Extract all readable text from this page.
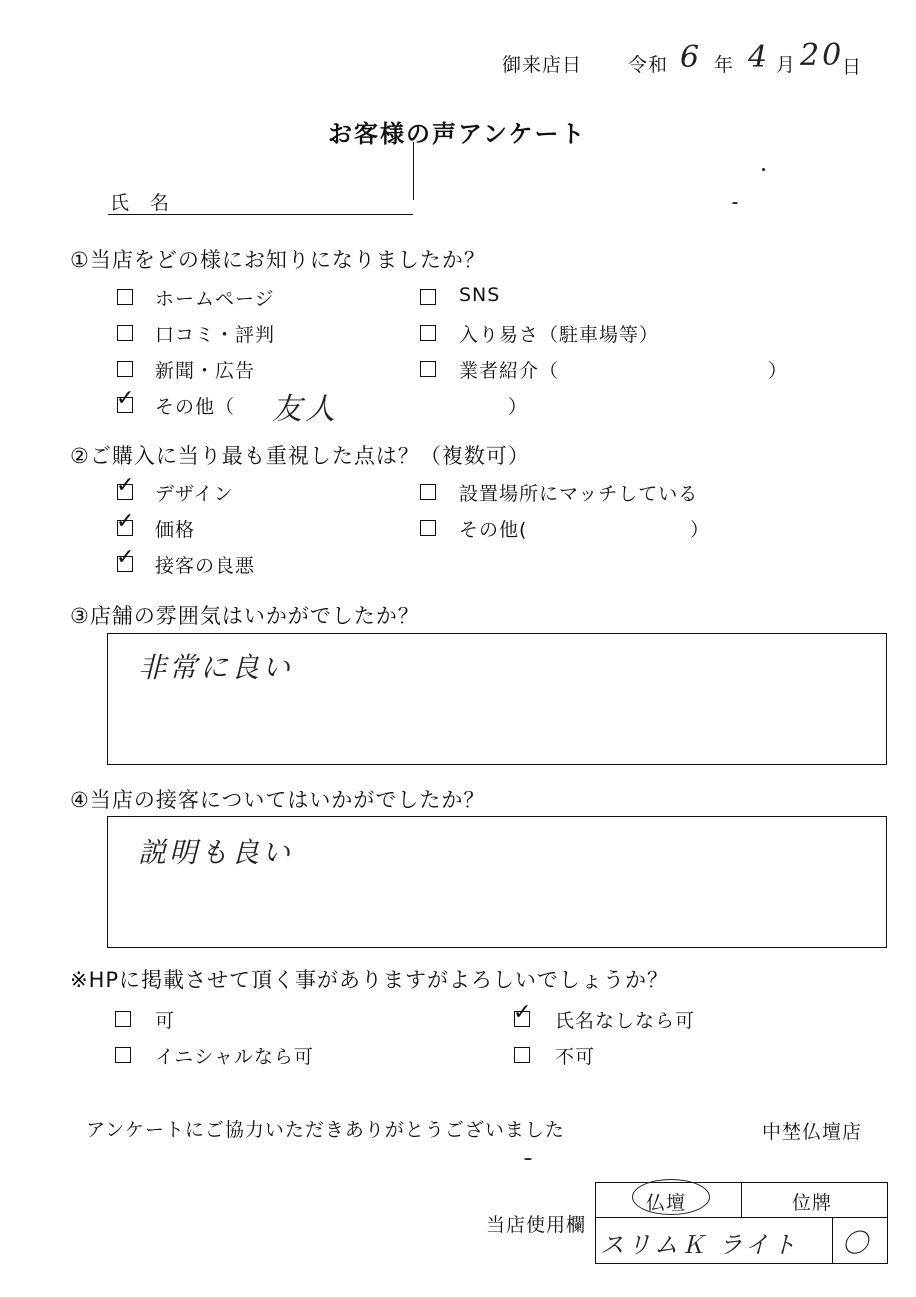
御来店日 令和 6 年 4 月 20
日
お客様の声アンケート
氏　名
①当店をどの様にお知りになりましたか？
ホームページ	SNS
口コミ・評判	入り易さ（駐車場等）
新聞・広告	業者紹介（	）
✓ その他（ 友人	）
②ご購入に当り最も重視した点は？（複数可）
✓ デザイン	設置場所にマッチしている
✓ 価格	その他(	）
✓ 接客の良悪
③店舗の雰囲気はいかがでしたか？
非常に良い
④当店の接客についてはいかがでしたか？
説明も良い
※HPに掲載させて頂く事がありますがよろしいでしょうか？
可	✓ 氏名なしなら可
イニシャルなら可	不可
アンケートにご協力いただきありがとうございました	中埜仏壇店
当店使用欄
仏壇	位牌
スリムＫ ライト 〇
